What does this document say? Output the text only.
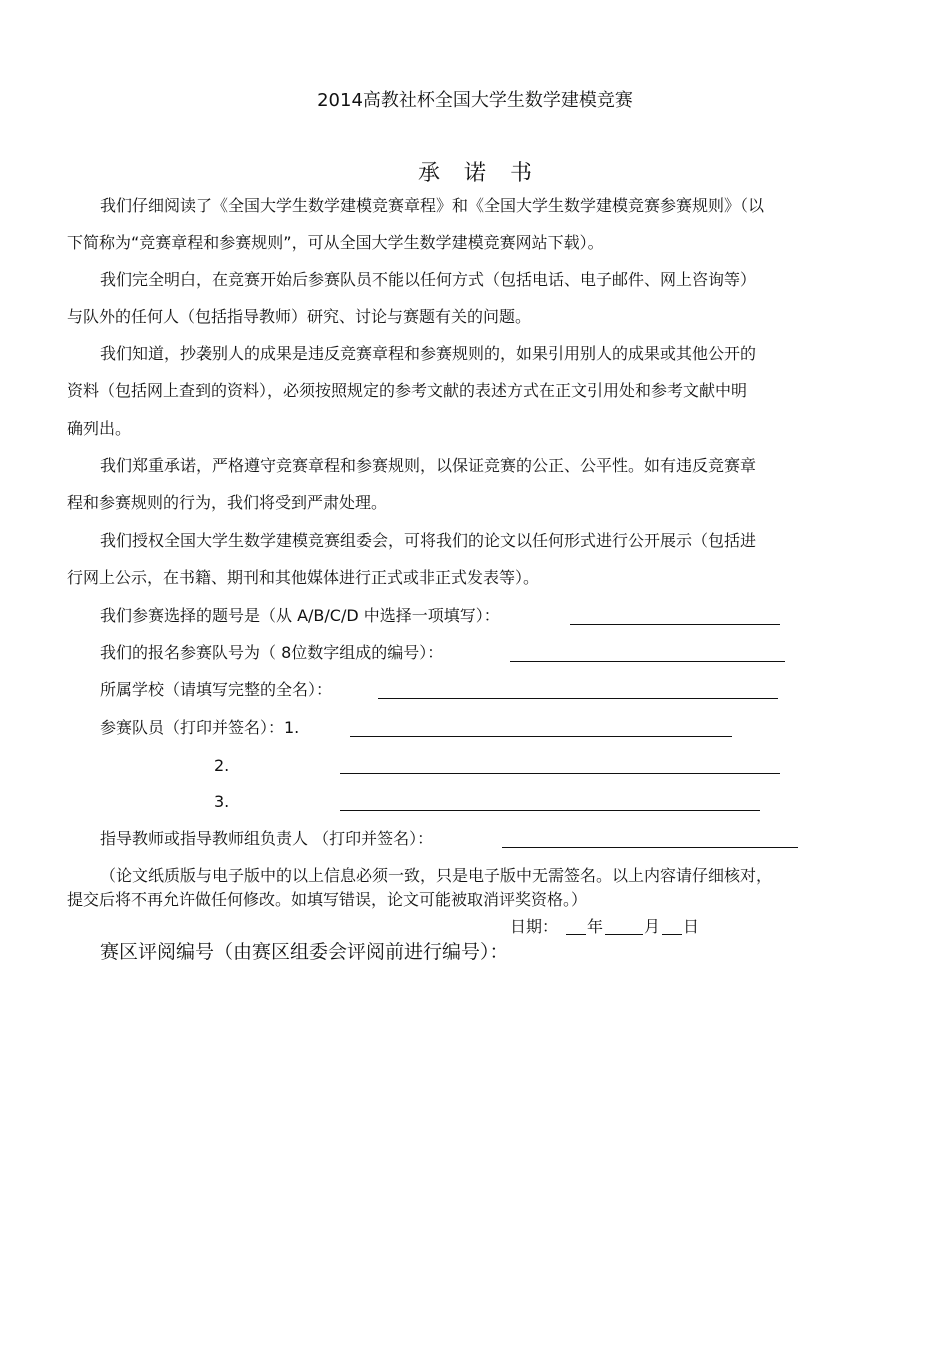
2014高教社杯全国大学生数学建模竞赛
承诺书
我们仔细阅读了《全国大学生数学建模竞赛章程》和《全国大学生数学建模竞赛参赛规则》（以
下简称为“竞赛章程和参赛规则”，可从全国大学生数学建模竞赛网站下载）。
我们完全明白，在竞赛开始后参赛队员不能以任何方式（包括电话、电子邮件、网上咨询等）
与队外的任何人（包括指导教师）研究、讨论与赛题有关的问题。
我们知道，抄袭别人的成果是违反竞赛章程和参赛规则的，如果引用别人的成果或其他公开的
资料（包括网上查到的资料），必须按照规定的参考文献的表述方式在正文引用处和参考文献中明
确列出。
我们郑重承诺，严格遵守竞赛章程和参赛规则，以保证竞赛的公正、公平性。如有违反竞赛章
程和参赛规则的行为，我们将受到严肃处理。
我们授权全国大学生数学建模竞赛组委会，可将我们的论文以任何形式进行公开展示（包括进
行网上公示，在书籍、期刊和其他媒体进行正式或非正式发表等）。
我们参赛选择的题号是（从 A/B/C/D 中选择一项填写）：
我们的报名参赛队号为（ 8位数字组成的编号）：
所属学校（请填写完整的全名）：
参赛队员（打印并签名）：1.
2.
3.
指导教师或指导教师组负责人 （打印并签名）：
（论文纸质版与电子版中的以上信息必须一致，只是电子版中无需签名。以上内容请仔细核对，
提交后将不再允许做任何修改。如填写错误，论文可能被取消评奖资格。）
日期： 年	月 日
赛区评阅编号（由赛区组委会评阅前进行编号）：
